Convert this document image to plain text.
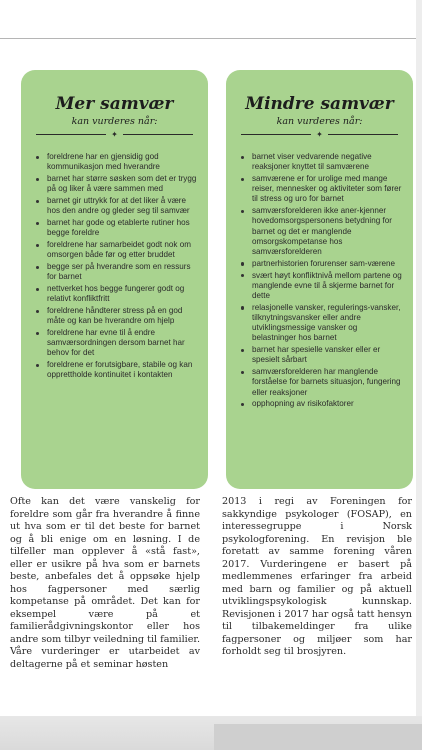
Mer samvær

kan vurderes når:

✦
foreldrene har en gjensidig god kommunikasjon med hverandre
barnet har større søsken som det er trygg på og liker å være sammen med
barnet gir uttrykk for at det liker å være hos den andre og gleder seg til samvær
barnet har gode og etablerte rutiner hos begge foreldre
foreldrene har samarbeidet godt nok om omsorgen både før og etter bruddet
begge ser på hverandre som en ressurs for barnet
nettverket hos begge fungerer godt og relativt konfliktfritt
foreldrene håndterer stress på en god måte og kan be hverandre om hjelp
foreldrene har evne til å endre samværsordningen dersom barnet har behov for det
foreldrene er forutsigbare, stabile og kan opprettholde kontinuitet i kontakten
Mindre samvær

kan vurderes når:

✦
barnet viser vedvarende negative reaksjoner knyttet til samværene
samværene er for urolige med mange reiser, mennesker og aktiviteter som fører til stress og uro for barnet
samværsforelderen ikke aner-kjenner hovedomsorgspersonens betydning for barnet og det er manglende omsorgskompetanse hos samværsforelderen
partnerhistorien forurenser sam-værene
svært høyt konfliktnivå mellom partene og manglende evne til å skjerme barnet for dette
relasjonelle vansker, regulerings-vansker, tilknytningsvansker eller andre utviklingsmessige vansker og belastninger hos barnet
barnet har spesielle vansker eller er spesielt sårbart
samværsforelderen har manglende forståelse for barnets situasjon, fungering eller reaksjoner
opphopning av risikofaktorer

Ofte kan det være vanskelig for foreldre som går fra hverandre å finne ut hva som er til det beste for barnet og å bli enige om en løsning. I de tilfeller man opplever å «stå fast», eller er usikre på hva som er barnets beste, anbefales det å oppsøke hjelp hos fagpersoner med særlig kompetanse på området. Det kan for eksempel være på et familierådgivningskontor eller hos andre som tilbyr veiledning til familier. Våre vurderinger er utarbeidet av deltagerne på et seminar høsten

2013 i regi av Foreningen for sakkyndige psykologer (FOSAP), en interessegruppe i Norsk psykologforening. En revisjon ble foretatt av samme forening våren 2017. Vurderingene er basert på medlemmenes erfaringer fra arbeid med barn og familier og på aktuell utviklingspsykologisk kunnskap. Revisjonen i 2017 har også tatt hensyn til tilbakemeldinger fra ulike fagpersoner og miljøer som har forholdt seg til brosjyren.
